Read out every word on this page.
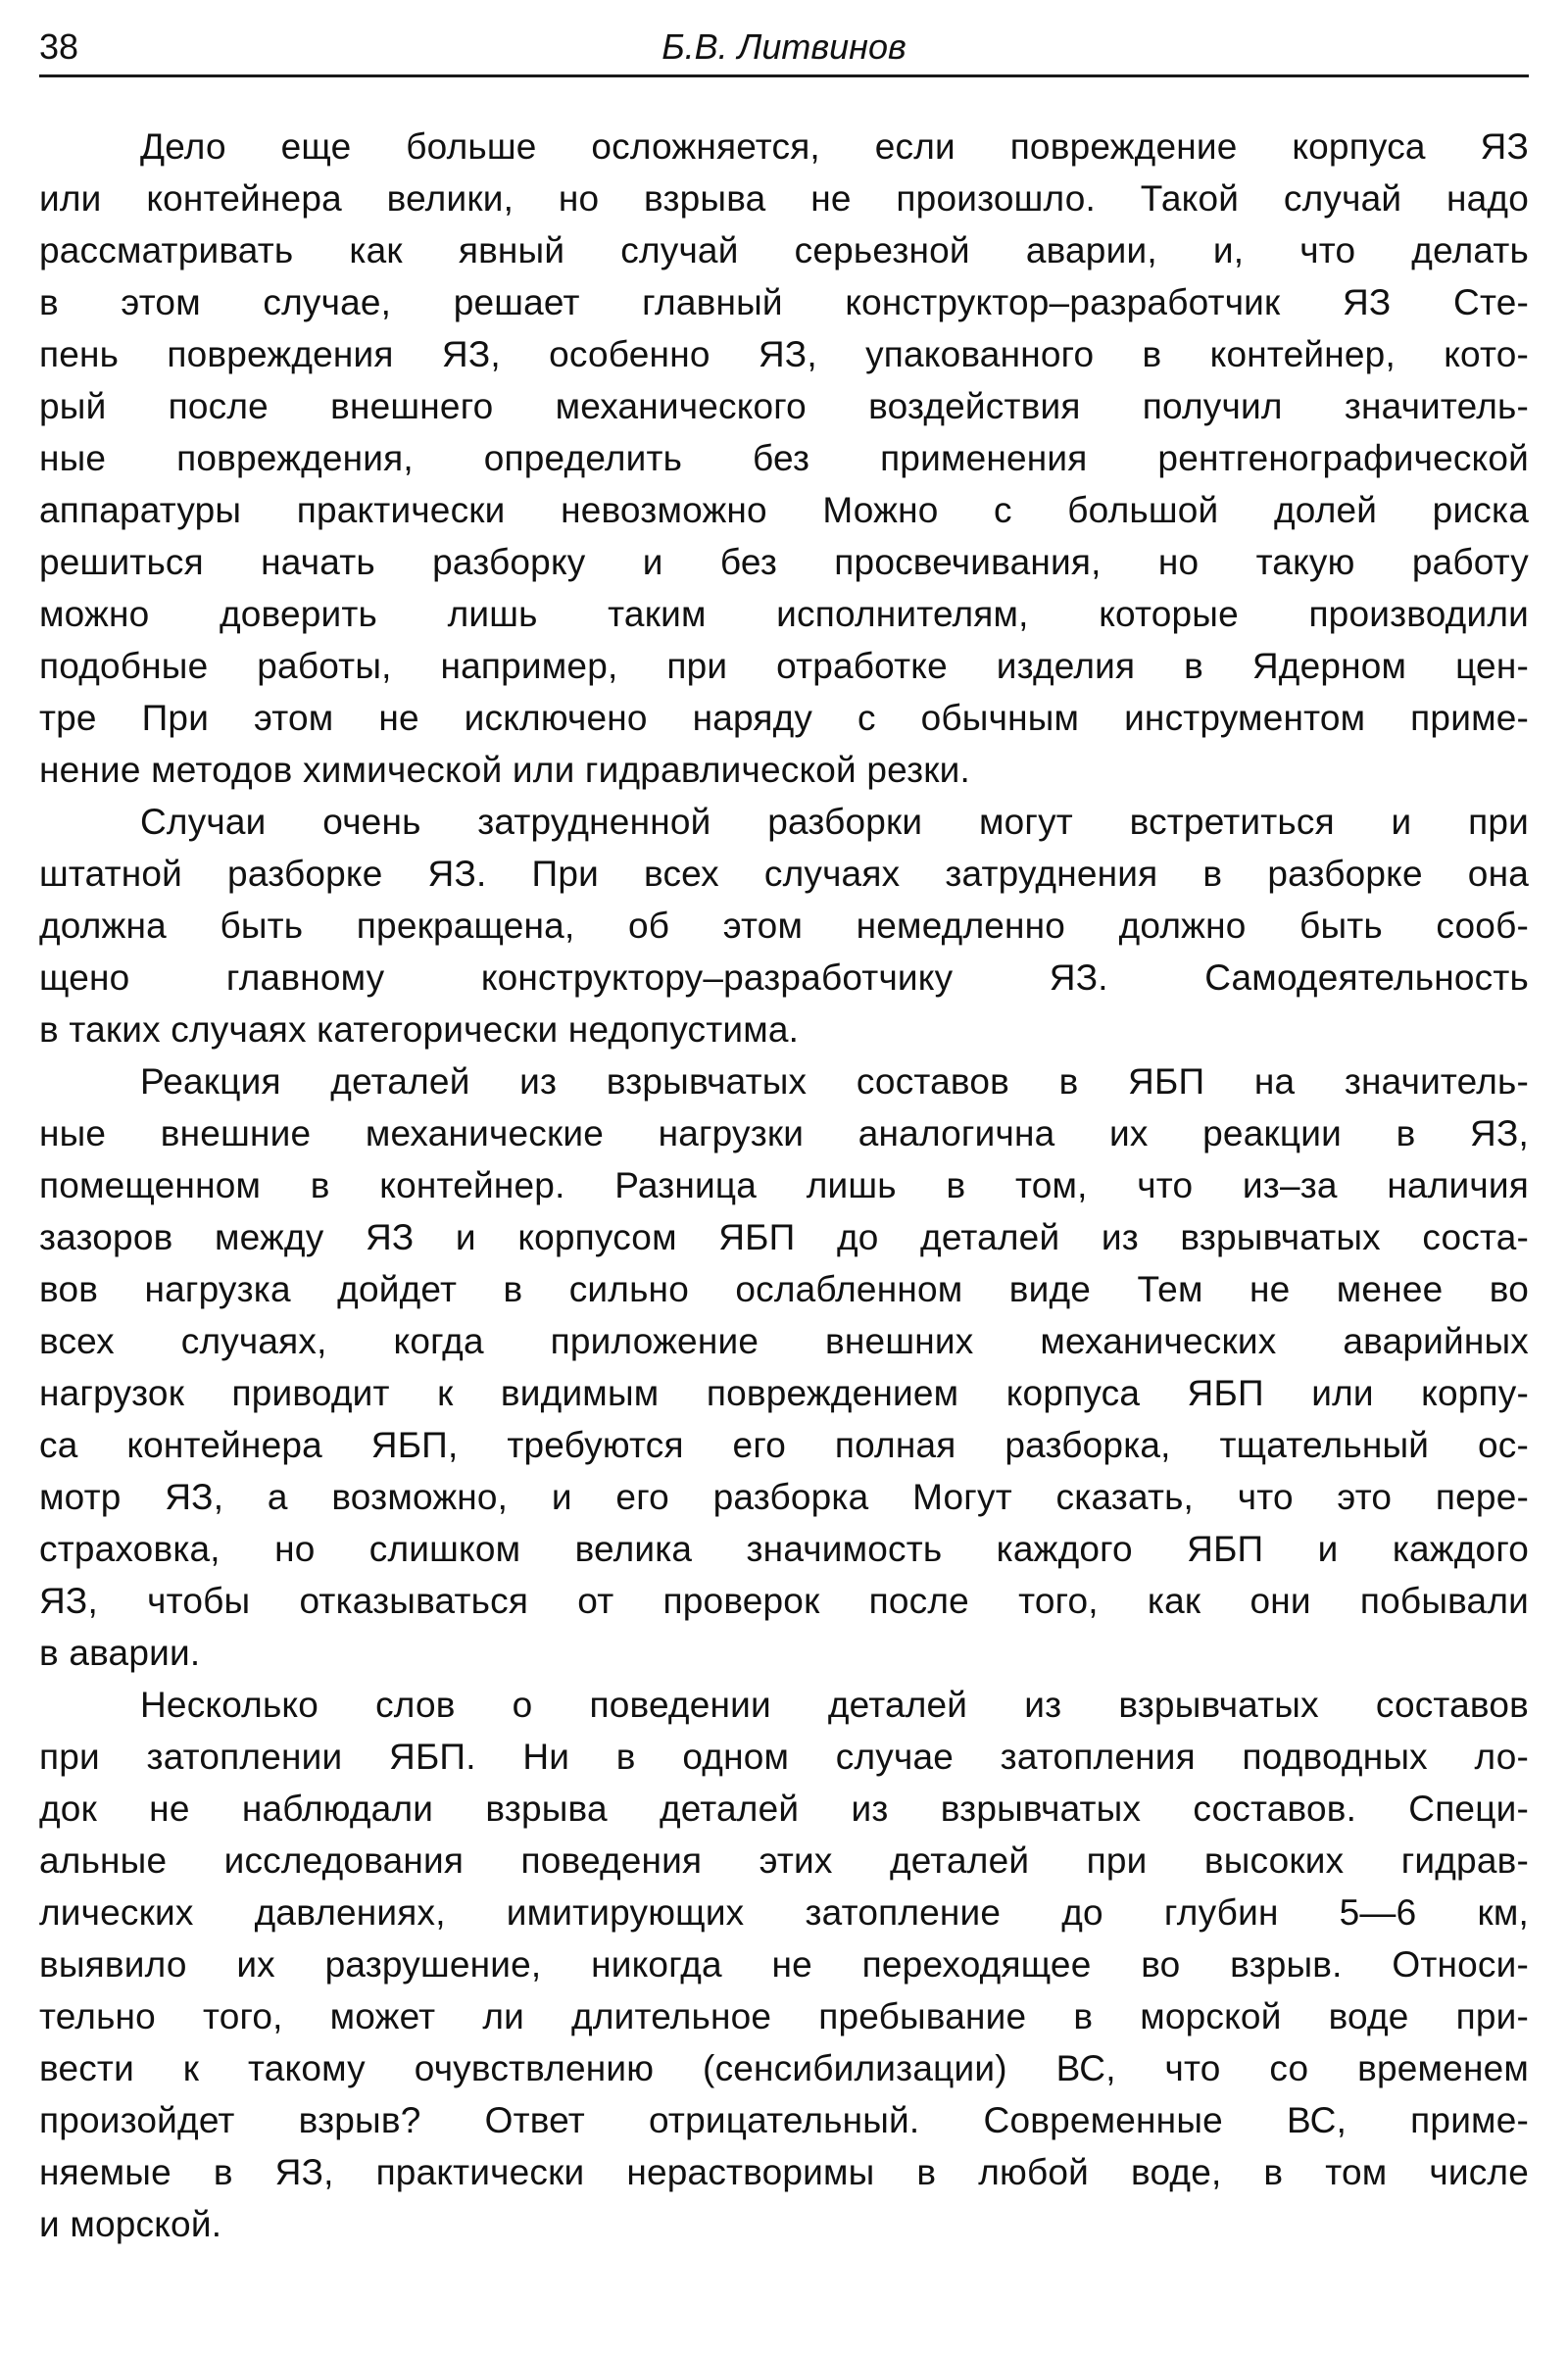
38	Б.В. Литвинов
Дело еще больше осложняется, если повреждение корпуса ЯЗ
или контейнера велики, но взрыва не произошло. Такой случай надо
рассматривать как явный случай серьезной аварии, и, что делать
в этом случае, решает главный конструктор–разработчик ЯЗ Сте-
пень повреждения ЯЗ, особенно ЯЗ, упакованного в контейнер, кото-
рый после внешнего механического воздействия получил значитель-
ные повреждения, определить без применения рентгенографической
аппаратуры практически невозможно Можно с большой долей риска
решиться начать разборку и без просвечивания, но такую работу
можно доверить лишь таким исполнителям, которые производили
подобные работы, например, при отработке изделия в Ядерном цен-
тре При этом не исключено наряду с обычным инструментом приме-
нение методов химической или гидравлической резки.
Случаи очень затрудненной разборки могут встретиться и при
штатной разборке ЯЗ. При всех случаях затруднения в разборке она
должна быть прекращена, об этом немедленно должно быть сооб-
щено главному конструктору–разработчику ЯЗ. Самодеятельность
в таких случаях категорически недопустима.
Реакция деталей из взрывчатых составов в ЯБП на значитель-
ные внешние механические нагрузки аналогична их реакции в ЯЗ,
помещенном в контейнер. Разница лишь в том, что из–за наличия
зазоров между ЯЗ и корпусом ЯБП до деталей из взрывчатых соста-
вов нагрузка дойдет в сильно ослабленном виде Тем не менее во
всех случаях, когда приложение внешних механических аварийных
нагрузок приводит к видимым повреждением корпуса ЯБП или корпу-
са контейнера ЯБП, требуются его полная разборка, тщательный ос-
мотр ЯЗ, а возможно, и его разборка Могут сказать, что это пере-
страховка, но слишком велика значимость каждого ЯБП и каждого
ЯЗ, чтобы отказываться от проверок после того, как они побывали
в аварии.
Несколько слов о поведении деталей из взрывчатых составов
при затоплении ЯБП. Ни в одном случае затопления подводных ло-
док не наблюдали взрыва деталей из взрывчатых составов. Специ-
альные исследования поведения этих деталей при высоких гидрав-
лических давлениях, имитирующих затопление до глубин 5—6 км,
выявило их разрушение, никогда не переходящее во взрыв. Относи-
тельно того, может ли длительное пребывание в морской воде при-
вести к такому очувствлению (сенсибилизации) ВС, что со временем
произойдет взрыв? Ответ отрицательный. Современные ВС, приме-
няемые в ЯЗ, практически нерастворимы в любой воде, в том числе
и морской.
